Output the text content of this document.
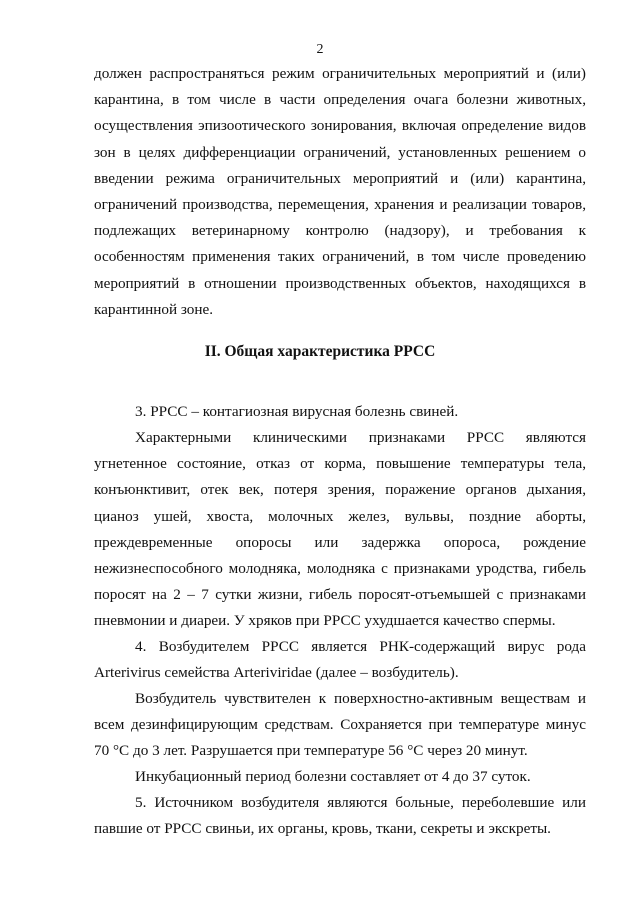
2

должен распространяться режим ограничительных мероприятий и (или) карантина, в том числе в части определения очага болезни животных, осуществления эпизоотического зонирования, включая определение видов зон в целях дифференциации ограничений, установленных решением о введении режима ограничительных мероприятий и (или) карантина, ограничений производства, перемещения, хранения и реализации товаров, подлежащих ветеринарному контролю (надзору), и требования к особенностям применения таких ограничений, в том числе проведению мероприятий в отношении производственных объектов, находящихся в карантинной зоне.

II. Общая характеристика РРСС

3. РРСС – контагиозная вирусная болезнь свиней.

Характерными клиническими признаками РРСС являются угнетенное состояние, отказ от корма, повышение температуры тела, конъюнктивит, отек век, потеря зрения, поражение органов дыхания, цианоз ушей, хвоста, молочных желез, вульвы, поздние аборты, преждевременные опоросы или задержка опороса, рождение нежизнеспособного молодняка, молодняка с признаками уродства, гибель поросят на 2 – 7 сутки жизни, гибель поросят-отъемышей с признаками пневмонии и диареи. У хряков при РРСС ухудшается качество спермы.

4. Возбудителем РРСС является РНК-содержащий вирус рода Arterivirus семейства Arteriviridae (далее – возбудитель).

Возбудитель чувствителен к поверхностно-активным веществам и всем дезинфицирующим средствам. Сохраняется при температуре минус 70 °C до 3 лет. Разрушается при температуре 56 °C через 20 минут.

Инкубационный период болезни составляет от 4 до 37 суток.

5. Источником возбудителя являются больные, переболевшие или павшие от РРСС свиньи, их органы, кровь, ткани, секреты и экскреты.
